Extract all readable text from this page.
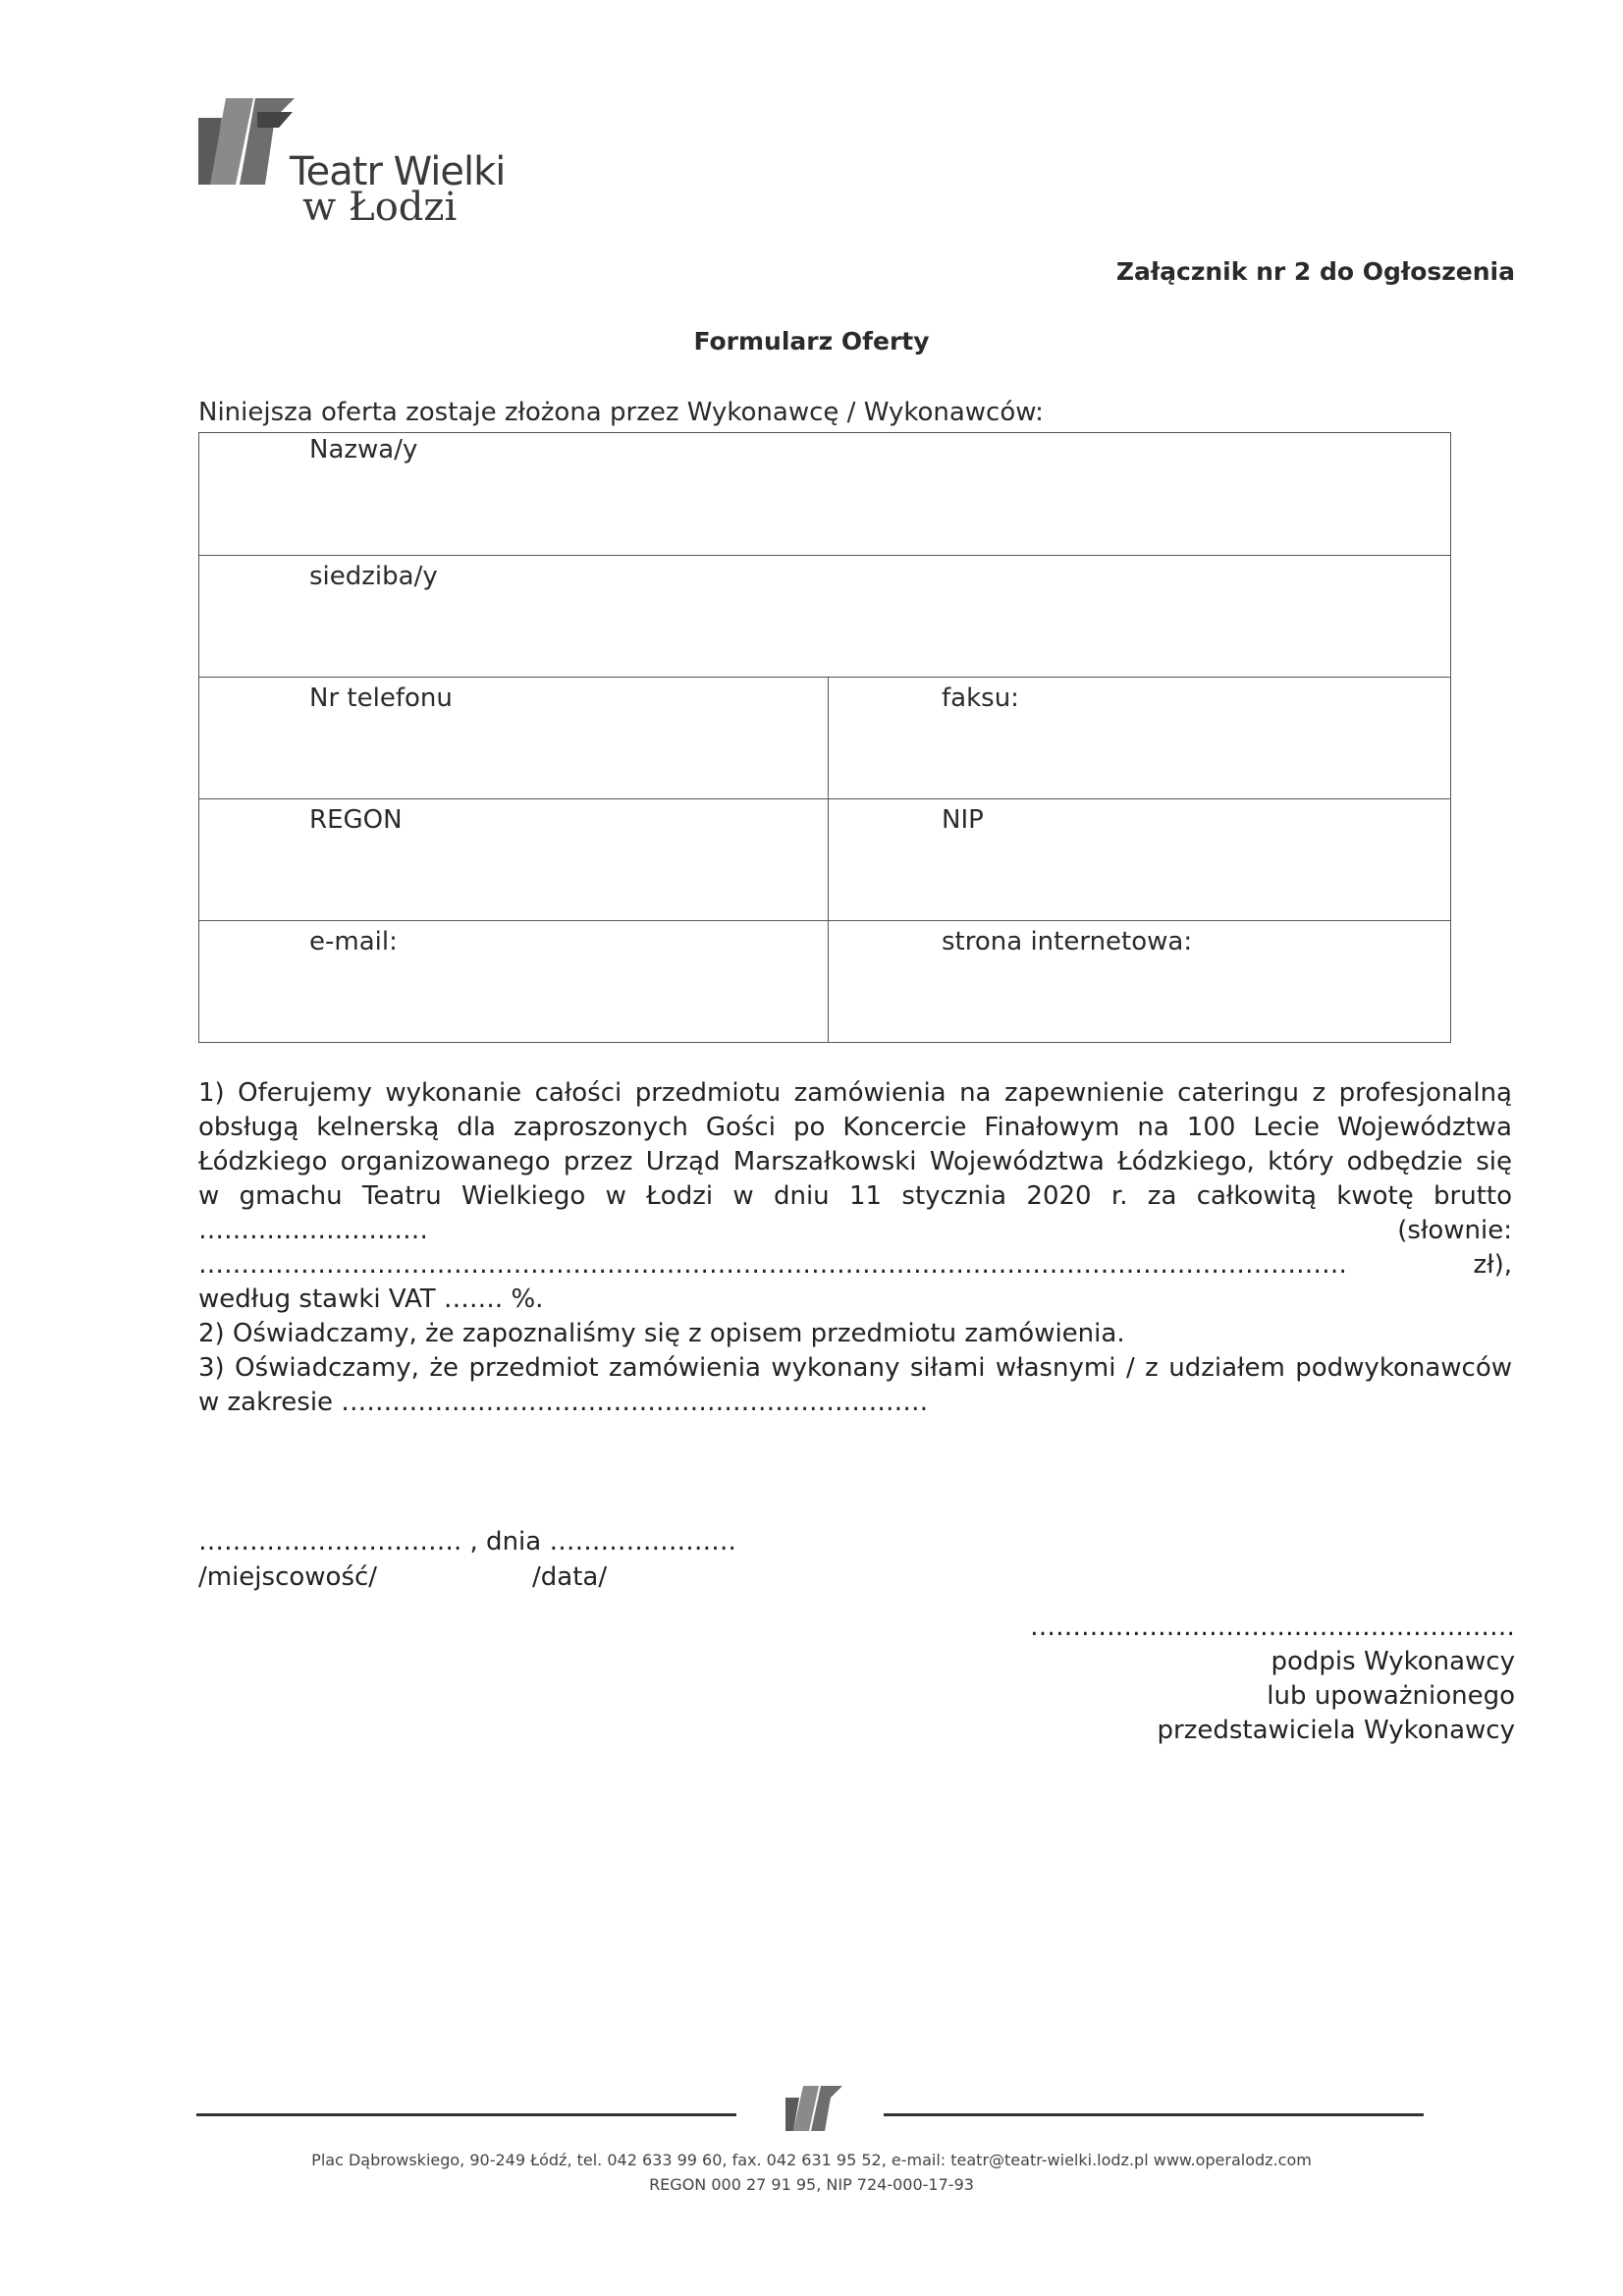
Teatr Wielki
w Łodzi
Załącznik nr 2 do Ogłoszenia
Formularz Oferty
Niniejsza oferta zostaje złożona przez Wykonawcę / Wykonawców:
Nazwa/y
siedziba/y
Nr telefonu	faksu:
REGON	NIP
e-mail:	strona internetowa:
1) Oferujemy wykonanie całości przedmiotu zamówienia na zapewnienie cateringu z profesjonalną
obsługą kelnerską dla zaproszonych Gości po Koncercie Finałowym na 100 Lecie Województwa
Łódzkiego organizowanego przez Urząd Marszałkowski Województwa Łódzkiego, który odbędzie się
w gmachu Teatru Wielkiego w Łodzi w dniu 11 stycznia 2020 r. za całkowitą kwotę brutto
……………………… (słownie: ……………………………………………………………………………………………………………………… zł),
według stawki VAT ……. %.
2) Oświadczamy, że zapoznaliśmy się z opisem przedmiotu zamówienia.
3) Oświadczamy, że przedmiot zamówienia wykonany siłami własnymi / z udziałem podwykonawców
w zakresie ……………………………………………………………
…………………………. , dnia ………………….
/miejscowość/	/data/
…………………………………………………
podpis Wykonawcy
lub upoważnionego
przedstawiciela Wykonawcy
Plac Dąbrowskiego, 90-249 Łódź, tel. 042 633 99 60, fax. 042 631 95 52, e-mail: teatr@teatr-wielki.lodz.pl www.operalodz.com
REGON 000 27 91 95, NIP 724-000-17-93
